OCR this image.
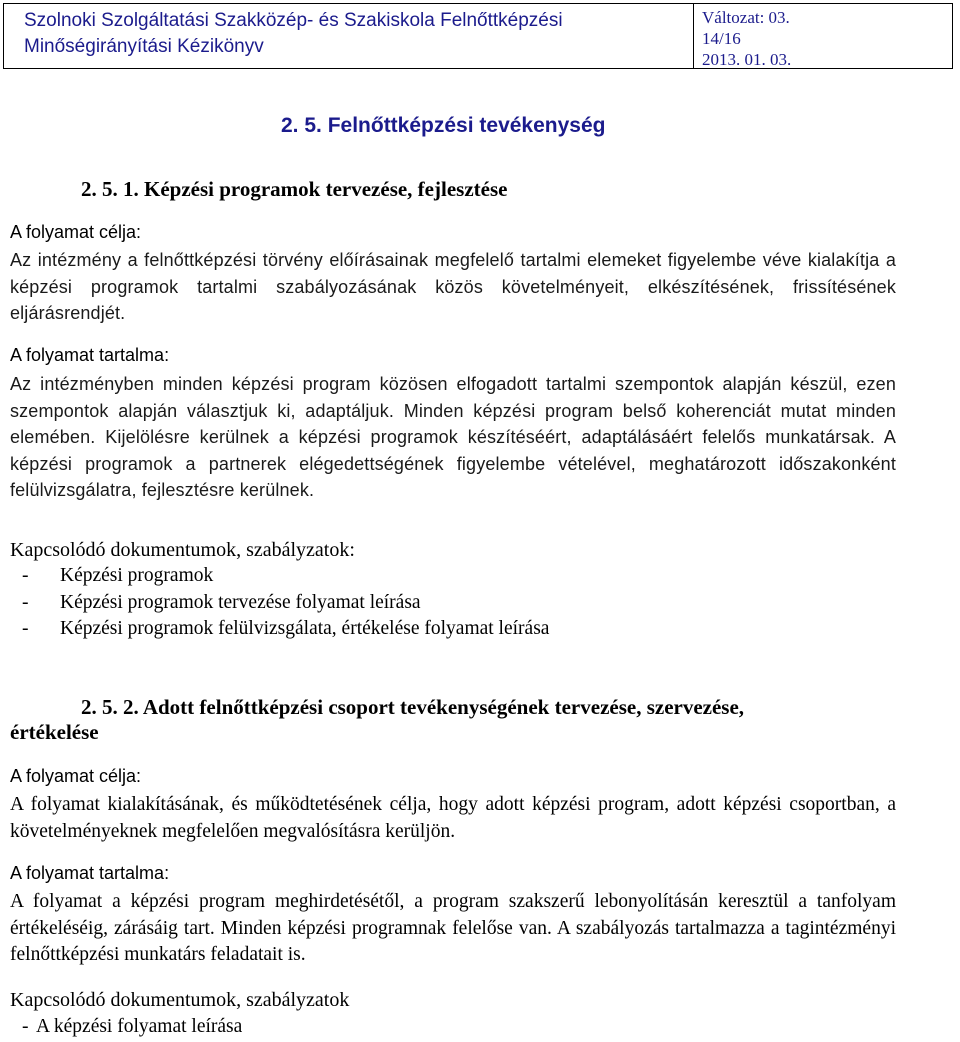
Szolnoki Szolgáltatási Szakközép- és Szakiskola Felnőttképzési
Minőségirányítási Kézikönyv
Változat: 03.
14/16
2013. 01. 03.
2. 5. Felnőttképzési tevékenység
2. 5. 1. Képzési programok tervezése, fejlesztése
A folyamat célja:
Az intézmény a felnőttképzési törvény előírásainak megfelelő tartalmi elemeket figyelembe véve kialakítja a képzési programok tartalmi szabályozásának közös követelményeit, elkészítésének, frissítésének eljárásrendjét.
A folyamat tartalma:
Az intézményben minden képzési program közösen elfogadott tartalmi szempontok alapján készül, ezen szempontok alapján választjuk ki, adaptáljuk. Minden képzési program belső koherenciát mutat minden elemében. Kijelölésre kerülnek a képzési programok készítéséért, adaptálásáért felelős munkatársak. A képzési programok a partnerek elégedettségének figyelembe vételével, meghatározott időszakonként felülvizsgálatra, fejlesztésre kerülnek.
Kapcsolódó dokumentumok, szabályzatok:
-	Képzési programok
-	Képzési programok tervezése folyamat leírása
-	Képzési programok felülvizsgálata, értékelése folyamat leírása
2. 5. 2. Adott felnőttképzési csoport tevékenységének tervezése, szervezése,
értékelése
A folyamat célja:
A folyamat kialakításának, és működtetésének célja, hogy adott képzési program, adott képzési csoportban, a követelményeknek megfelelően megvalósításra kerüljön.
A folyamat tartalma:
A folyamat a képzési program meghirdetésétől, a program szakszerű lebonyolításán keresztül a tanfolyam értékeléséig, zárásáig tart. Minden képzési programnak felelőse van. A szabályozás tartalmazza a tagintézményi felnőttképzési munkatárs feladatait is.
Kapcsolódó dokumentumok, szabályzatok
- A képzési folyamat leírása
